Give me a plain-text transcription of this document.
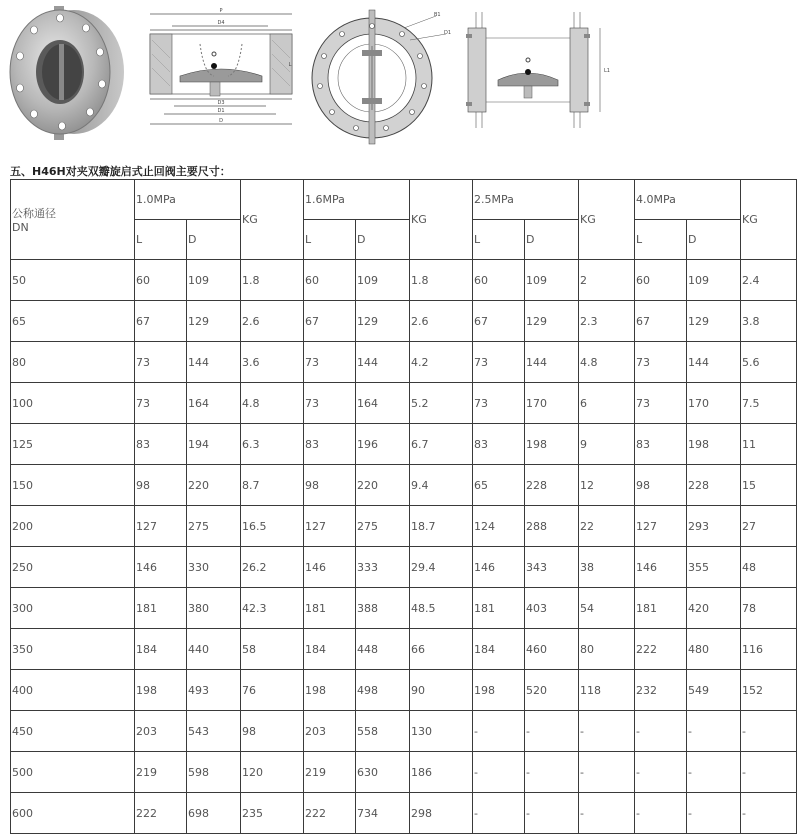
P
D4
D3
D1
D
L
B1
D1
L1
五、H46H对夹双瓣旋启式止回阀主要尺寸：
公称通径
DN	1.0MPa		KG	1.6MPa		KG	2.5MPa		KG	4.0MPa		KG
	L	D		L	D		L	D		L	D	
50	60	109	1.8	60	109	1.8	60	109	2	60	109	2.4
65	67	129	2.6	67	129	2.6	67	129	2.3	67	129	3.8
80	73	144	3.6	73	144	4.2	73	144	4.8	73	144	5.6
100	73	164	4.8	73	164	5.2	73	170	6	73	170	7.5
125	83	194	6.3	83	196	6.7	83	198	9	83	198	11
150	98	220	8.7	98	220	9.4	65	228	12	98	228	15
200	127	275	16.5	127	275	18.7	124	288	22	127	293	27
250	146	330	26.2	146	333	29.4	146	343	38	146	355	48
300	181	380	42.3	181	388	48.5	181	403	54	181	420	78
350	184	440	58	184	448	66	184	460	80	222	480	116
400	198	493	76	198	498	90	198	520	118	232	549	152
450	203	543	98	203	558	130	-	-	-	-	-	-
500	219	598	120	219	630	186	-	-	-	-	-	-
600	222	698	235	222	734	298	-	-	-	-	-	-
